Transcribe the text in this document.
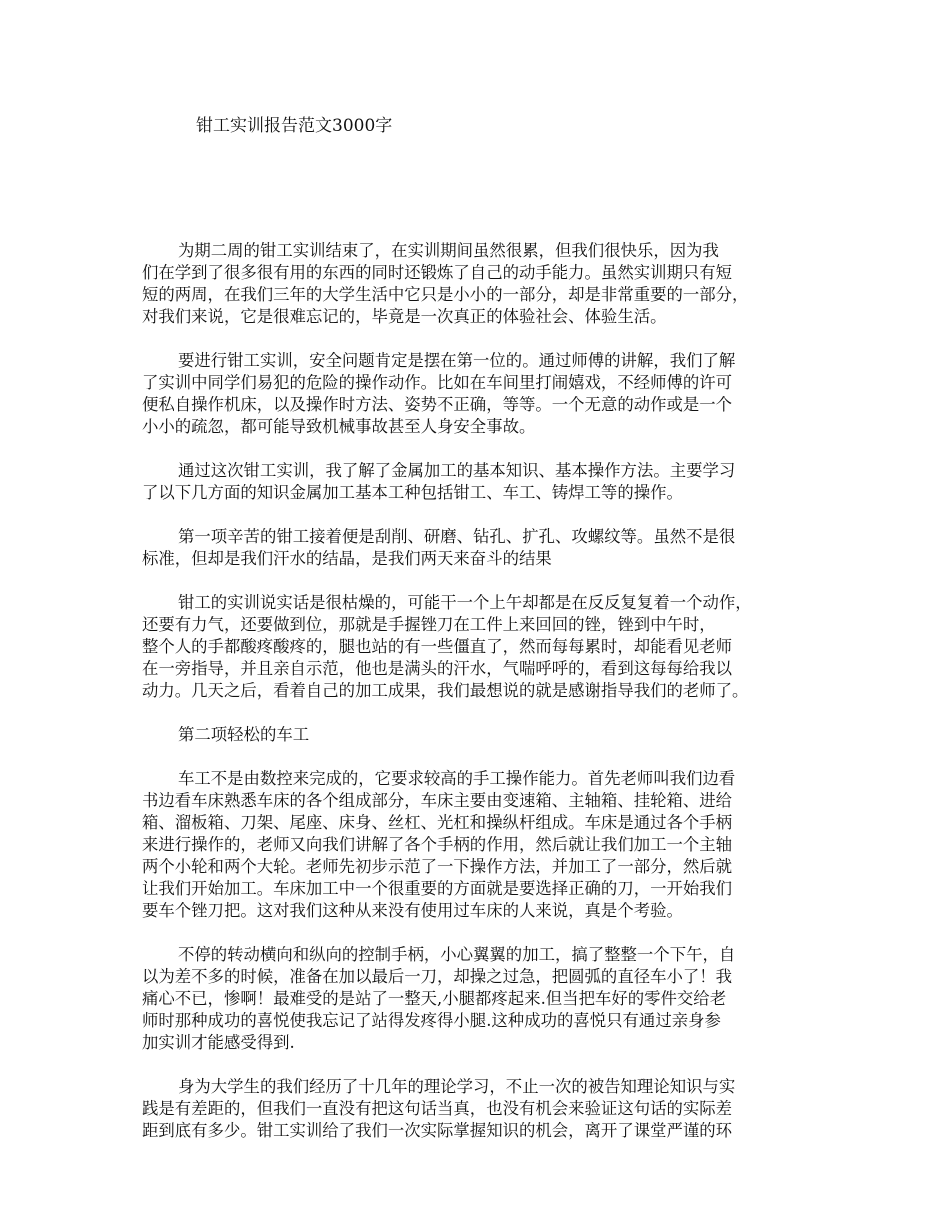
钳工实训报告范文3000字
为期二周的钳工实训结束了，在实训期间虽然很累，但我们很快乐，因为我
们在学到了很多很有用的东西的同时还锻炼了自己的动手能力。虽然实训期只有短
短的两周，在我们三年的大学生活中它只是小小的一部分，却是非常重要的一部分，
对我们来说，它是很难忘记的，毕竟是一次真正的体验社会、体验生活。
要进行钳工实训，安全问题肯定是摆在第一位的。通过师傅的讲解，我们了解
了实训中同学们易犯的危险的操作动作。比如在车间里打闹嬉戏，不经师傅的许可
便私自操作机床，以及操作时方法、姿势不正确，等等。一个无意的动作或是一个
小小的疏忽，都可能导致机械事故甚至人身安全事故。
通过这次钳工实训，我了解了金属加工的基本知识、基本操作方法。主要学习
了以下几方面的知识金属加工基本工种包括钳工、车工、铸焊工等的操作。
第一项辛苦的钳工接着便是刮削、研磨、钻孔、扩孔、攻螺纹等。虽然不是很
标准，但却是我们汗水的结晶，是我们两天来奋斗的结果
钳工的实训说实话是很枯燥的，可能干一个上午却都是在反反复复着一个动作，
还要有力气，还要做到位，那就是手握锉刀在工件上来回回的锉，锉到中午时，
整个人的手都酸疼酸疼的，腿也站的有一些僵直了，然而每每累时，却能看见老师
在一旁指导，并且亲自示范，他也是满头的汗水，气喘呼呼的，看到这每每给我以
动力。几天之后，看着自己的加工成果，我们最想说的就是感谢指导我们的老师了。
第二项轻松的车工
车工不是由数控来完成的，它要求较高的手工操作能力。首先老师叫我们边看
书边看车床熟悉车床的各个组成部分，车床主要由变速箱、主轴箱、挂轮箱、进给
箱、溜板箱、刀架、尾座、床身、丝杠、光杠和操纵杆组成。车床是通过各个手柄
来进行操作的，老师又向我们讲解了各个手柄的作用，然后就让我们加工一个主轴
两个小轮和两个大轮。老师先初步示范了一下操作方法，并加工了一部分，然后就
让我们开始加工。车床加工中一个很重要的方面就是要选择正确的刀，一开始我们
要车个锉刀把。这对我们这种从来没有使用过车床的人来说，真是个考验。
不停的转动横向和纵向的控制手柄，小心翼翼的加工，搞了整整一个下午，自
以为差不多的时候，准备在加以最后一刀，却操之过急，把圆弧的直径车小了！我
痛心不已，惨啊！最难受的是站了一整天,小腿都疼起来.但当把车好的零件交给老
师时那种成功的喜悦使我忘记了站得发疼得小腿.这种成功的喜悦只有通过亲身参
加实训才能感受得到.
身为大学生的我们经历了十几年的理论学习，不止一次的被告知理论知识与实
践是有差距的，但我们一直没有把这句话当真，也没有机会来验证这句话的实际差
距到底有多少。钳工实训给了我们一次实际掌握知识的机会，离开了课堂严谨的环
